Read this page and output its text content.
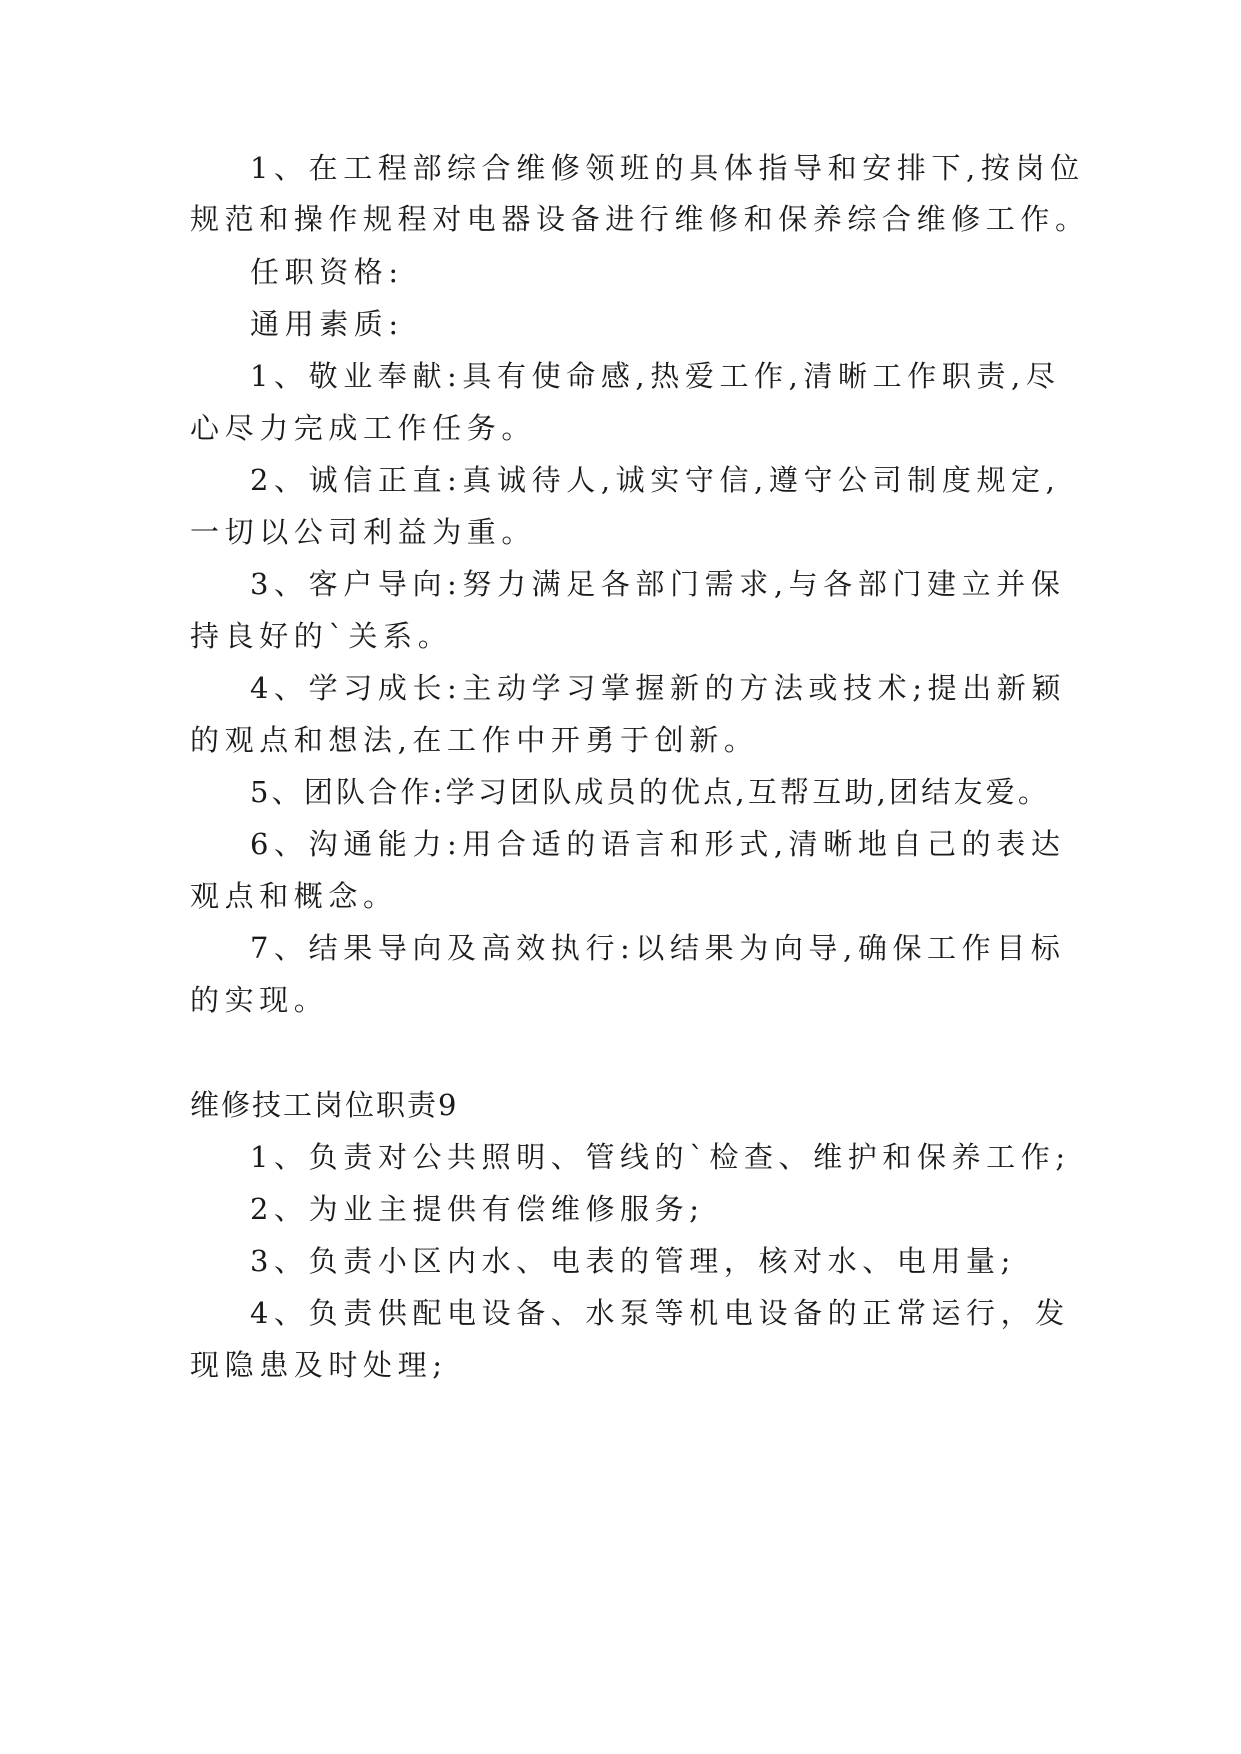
1、在工程部综合维修领班的具体指导和安排下,按岗位
规范和操作规程对电器设备进行维修和保养综合维修工作。
任职资格:
通用素质:
1、敬业奉献:具有使命感,热爱工作,清晰工作职责,尽
心尽力完成工作任务。
2、诚信正直:真诚待人,诚实守信,遵守公司制度规定,
一切以公司利益为重。
3、客户导向:努力满足各部门需求,与各部门建立并保
持良好的`关系。
4、学习成长:主动学习掌握新的方法或技术;提出新颖
的观点和想法,在工作中开勇于创新。
5、团队合作:学习团队成员的优点,互帮互助,团结友爱。
6、沟通能力:用合适的语言和形式,清晰地自己的表达
观点和概念。
7、结果导向及高效执行:以结果为向导,确保工作目标
的实现。
维修技工岗位职责9
1、负责对公共照明、管线的`检查、维护和保养工作;
2、为业主提供有偿维修服务;
3、负责小区内水、电表的管理，核对水、电用量;
4、负责供配电设备、水泵等机电设备的正常运行，发
现隐患及时处理;
